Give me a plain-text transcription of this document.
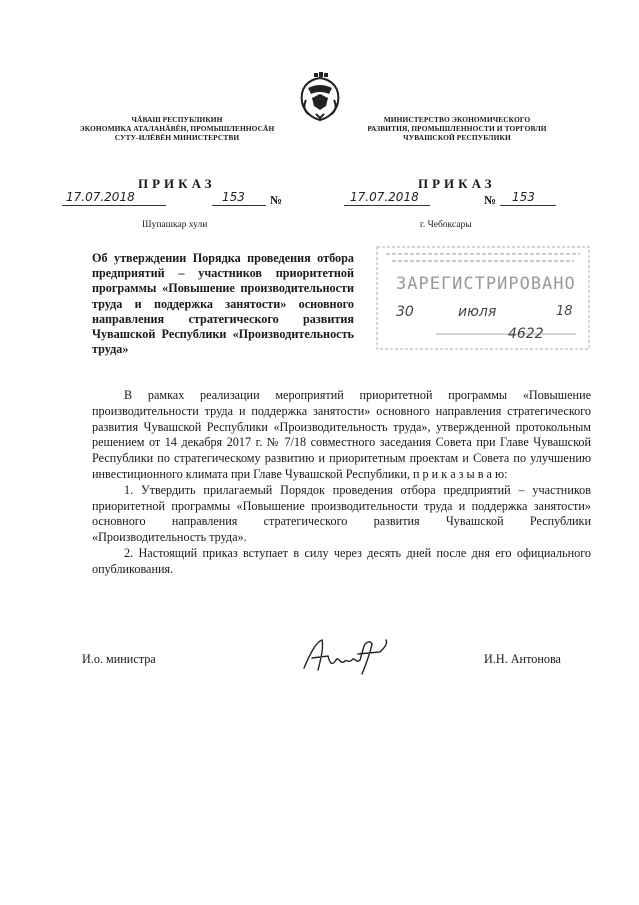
ЧĂВАШ РЕСПУБЛИКИН
ЭКОНОМИКА АТАЛАНĂВĔН, ПРОМЫШЛЕННОСĂН
СУТУ-ИЛĔВĔН МИНИСТЕРСТВИ
МИНИСТЕРСТВО ЭКОНОМИЧЕСКОГО
РАЗВИТИЯ, ПРОМЫШЛЕННОСТИ И ТОРГОВЛИ
ЧУВАШСКОЙ РЕСПУБЛИКИ
ПРИКАЗ
17.07.2018	153 №
Шупашкар хули
ПРИКАЗ
17.07.2018	№ 153
г. Чебоксары
Об утверждении Порядка проведения отбора предприятий – участников приоритетной программы «Повышение производительности труда и поддержка занятости» основного направления стратегического развития Чувашской Республики «Производительность труда»
ЗАРЕГИСТРИРОВАНО
30	июля	18
4622

В рамках реализации мероприятий приоритетной программы «Повышение производительности труда и поддержка занятости» основного направления стратегического развития Чувашской Республики «Производительность труда», утвержденной протокольным решением от 14 декабря 2017 г. № 7/18 совместного заседания Совета при Главе Чувашской Республики по стратегическому развитию и приоритетным проектам и Совета по улучшению инвестиционного климата при Главе Чувашской Республики, п р и к а з ы в а ю:

1. Утвердить прилагаемый Порядок проведения отбора предприятий – участников приоритетной программы «Повышение производительности труда и поддержка занятости» основного направления стратегического развития Чувашской Республики «Производительность труда».

2. Настоящий приказ вступает в силу через десять дней после дня его официального опубликования.

И.о. министра	И.Н. Антонова
